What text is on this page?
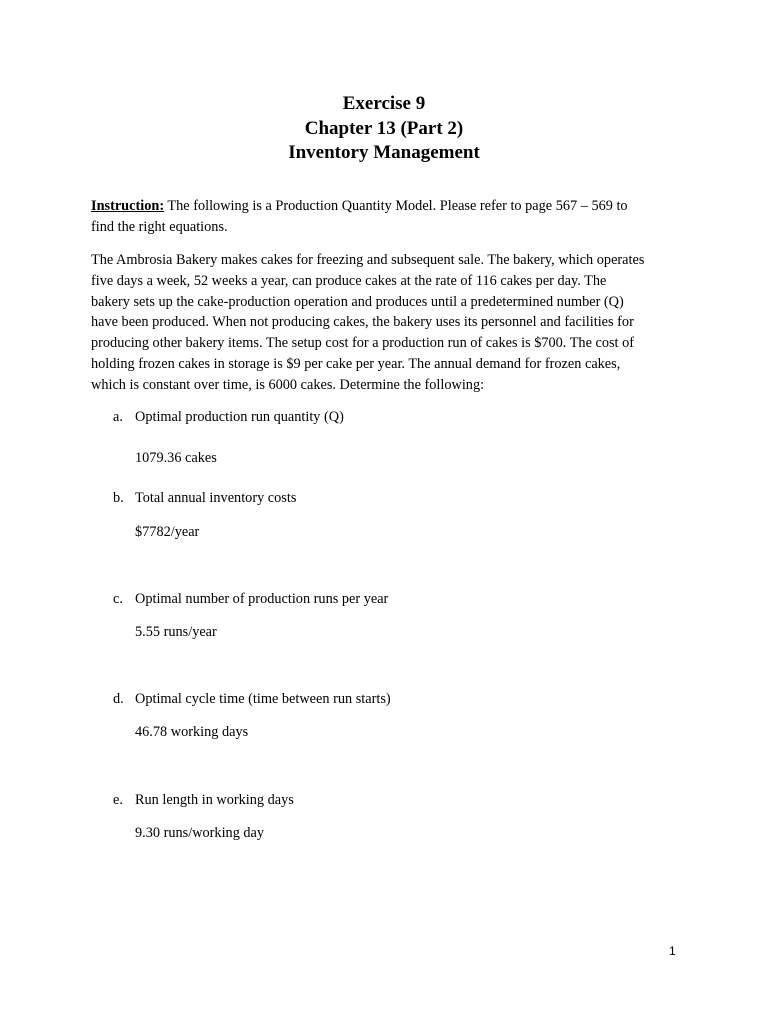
Exercise 9
Chapter 13 (Part 2)
Inventory Management

Instruction: The following is a Production Quantity Model. Please refer to page 567 – 569 to
find the right equations.

The Ambrosia Bakery makes cakes for freezing and subsequent sale. The bakery, which operates
five days a week, 52 weeks a year, can produce cakes at the rate of 116 cakes per day. The
bakery sets up the cake-production operation and produces until a predetermined number (Q)
have been produced. When not producing cakes, the bakery uses its personnel and facilities for
producing other bakery items. The setup cost for a production run of cakes is $700. The cost of
holding frozen cakes in storage is $9 per cake per year. The annual demand for frozen cakes,
which is constant over time, is 6000 cakes. Determine the following:

a. Optimal production run quantity (Q)
1079.36 cakes
b. Total annual inventory costs
$7782/year
c. Optimal number of production runs per year
5.55 runs/year
d. Optimal cycle time (time between run starts)
46.78 working days
e. Run length in working days
9.30 runs/working day
1
